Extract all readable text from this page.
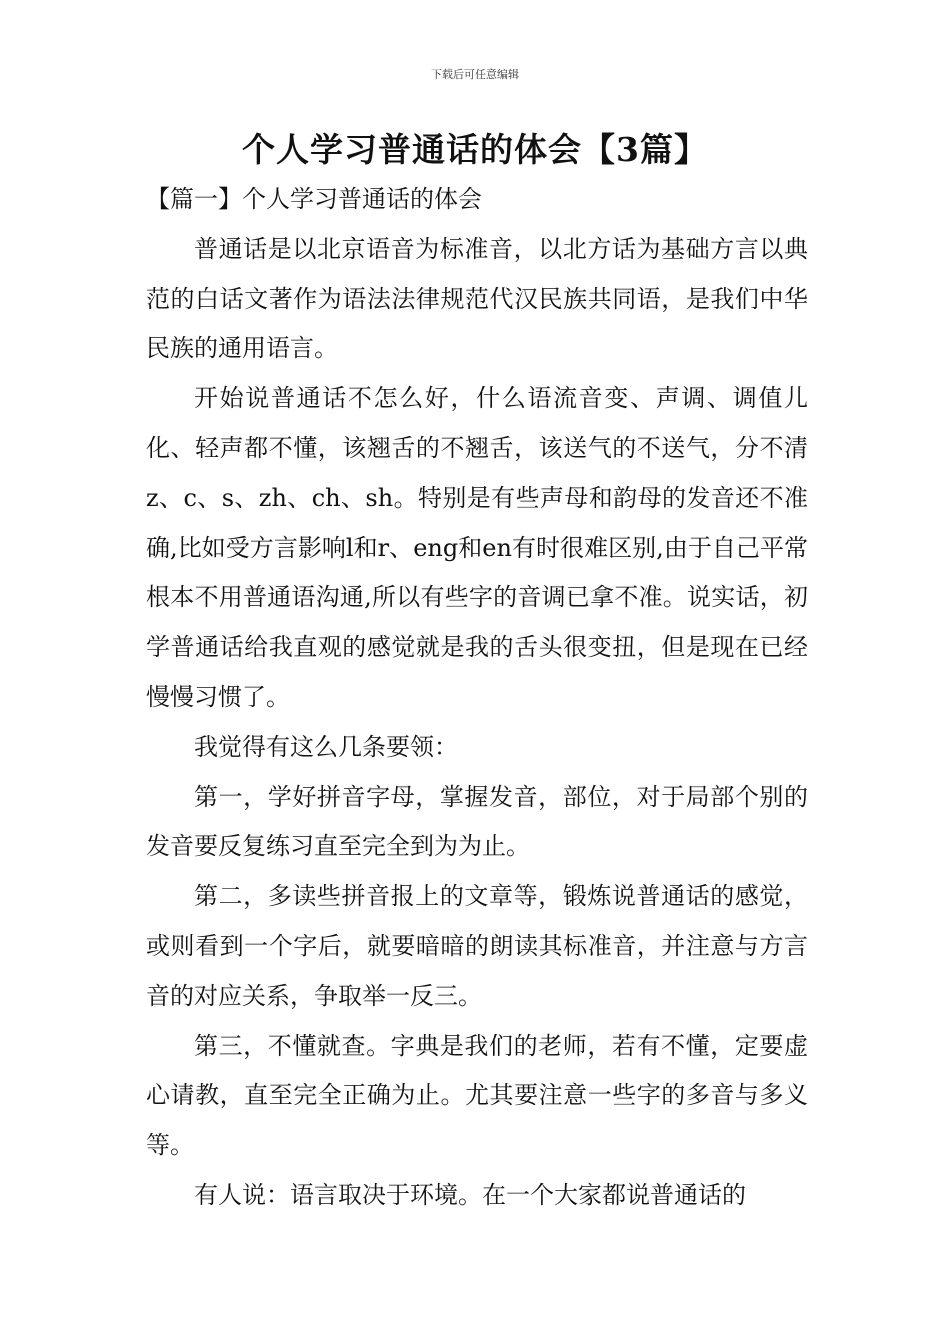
下载后可任意编辑
个人学习普通话的体会【3篇】
【篇一】个人学习普通话的体会

普通话是以北京语音为标准音，以北方话为基础方言以典范的白话文著作为语法法律规范代汉民族共同语，是我们中华民族的通用语言。

开始说普通话不怎么好，什么语流音变、声调、调值儿化、轻声都不懂，该翘舌的不翘舌，该送气的不送气，分不清z、c、s、zh、ch、sh。特别是有些声母和韵母的发音还不准确,比如受方言影响l和r、eng和en有时很难区别,由于自己平常根本不用普通语沟通,所以有些字的音调已拿不准。说实话，初学普通话给我直观的感觉就是我的舌头很变扭，但是现在已经慢慢习惯了。

我觉得有这么几条要领：

第一，学好拼音字母，掌握发音，部位，对于局部个别的发音要反复练习直至完全到为为止。

第二，多读些拼音报上的文章等，锻炼说普通话的感觉，或则看到一个字后，就要暗暗的朗读其标准音，并注意与方言音的对应关系，争取举一反三。

第三，不懂就查。字典是我们的老师，若有不懂，定要虚心请教，直至完全正确为止。尤其要注意一些字的多音与多义等。

有人说：语言取决于环境。在一个大家都说普通话的
